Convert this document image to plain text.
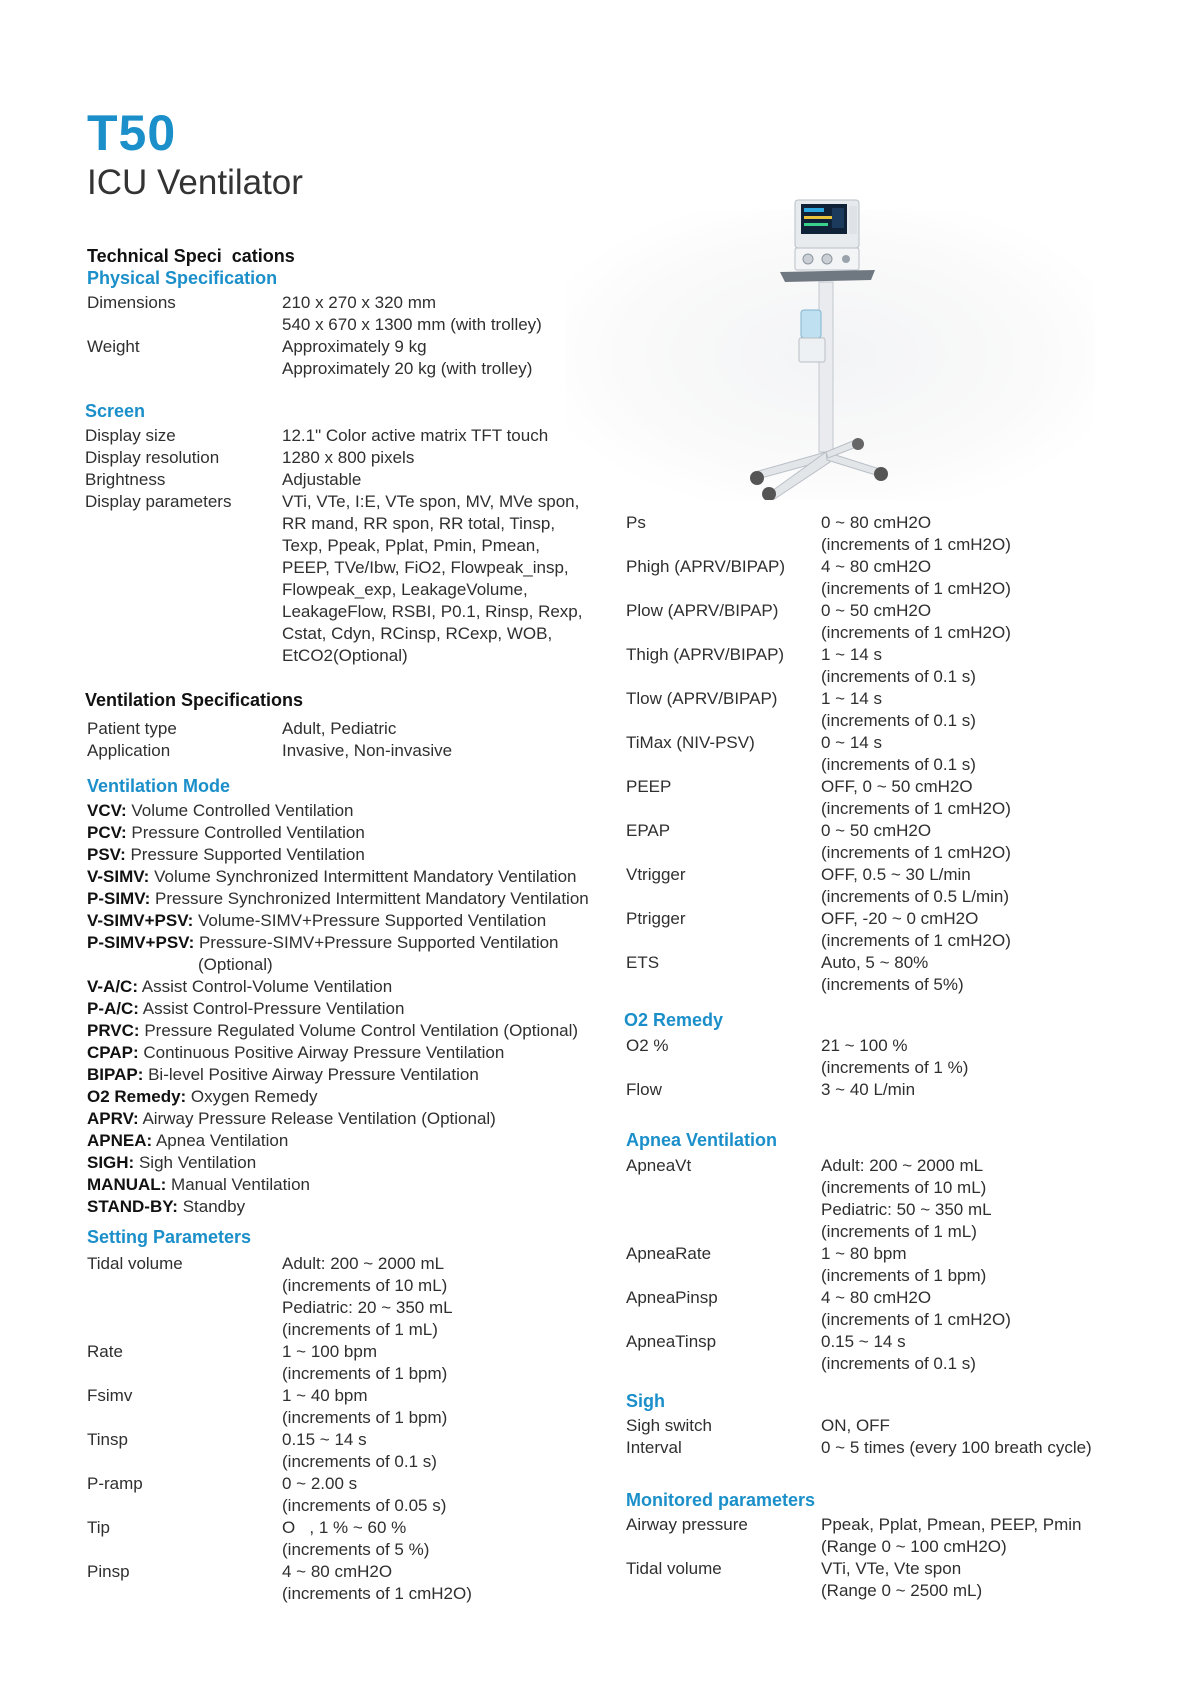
T50
ICU Ventilator
Technical Speci  cations
Physical Specification
Dimensions	210 x 270 x 320 mm
540 x 670 x 1300 mm (with trolley)
Weight	Approximately 9 kg
Approximately 20 kg (with trolley)
Screen
Display size	12.1" Color active matrix TFT touch
Display resolution	1280 x 800 pixels
Brightness	Adjustable
Display parameters	VTi, VTe, I:E, VTe spon, MV, MVe spon,
RR mand, RR spon, RR total, Tinsp,
Texp, Ppeak, Pplat, Pmin, Pmean,
PEEP, TVe/Ibw, FiO2, Flowpeak_insp,
Flowpeak_exp, LeakageVolume,
LeakageFlow, RSBI, P0.1, Rinsp, Rexp,
Cstat, Cdyn, RCinsp, RCexp, WOB,
EtCO2(Optional)
Ventilation Specifications
Patient type	Adult, Pediatric
Application	Invasive, Non-invasive
Ventilation Mode
VCV: Volume Controlled Ventilation
PCV: Pressure Controlled Ventilation
PSV: Pressure Supported Ventilation
V-SIMV: Volume Synchronized Intermittent Mandatory Ventilation
P-SIMV: Pressure Synchronized Intermittent Mandatory Ventilation
V-SIMV+PSV: Volume-SIMV+Pressure Supported Ventilation
P-SIMV+PSV: Pressure-SIMV+Pressure Supported Ventilation
(Optional)
V-A/C: Assist Control-Volume Ventilation
P-A/C: Assist Control-Pressure Ventilation
PRVC: Pressure Regulated Volume Control Ventilation (Optional)
CPAP: Continuous Positive Airway Pressure Ventilation
BIPAP: Bi-level Positive Airway Pressure Ventilation
O2 Remedy: Oxygen Remedy
APRV: Airway Pressure Release Ventilation (Optional)
APNEA: Apnea Ventilation
SIGH: Sigh Ventilation
MANUAL: Manual Ventilation
STAND-BY: Standby
Setting Parameters
Tidal volume	Adult: 200 ~ 2000 mL
(increments of 10 mL)
Pediatric: 20 ~ 350 mL
(increments of 1 mL)
Rate	1 ~ 100 bpm
(increments of 1 bpm)
Fsimv	1 ~ 40 bpm
(increments of 1 bpm)
Tinsp	0.15 ~ 14 s
(increments of 0.1 s)
P-ramp	0 ~ 2.00 s
(increments of 0.05 s)
Tip	O   , 1 % ~ 60 %
(increments of 5 %)
Pinsp	4 ~ 80 cmH2O
(increments of 1 cmH2O)
Ps	0 ~ 80 cmH2O
(increments of 1 cmH2O)
Phigh (APRV/BIPAP) 4 ~ 80 cmH2O
(increments of 1 cmH2O)
Plow (APRV/BIPAP)	0 ~ 50 cmH2O
(increments of 1 cmH2O)
Thigh (APRV/BIPAP) 1 ~ 14 s
(increments of 0.1 s)
Tlow (APRV/BIPAP)	1 ~ 14 s
(increments of 0.1 s)
TiMax (NIV-PSV)	0 ~ 14 s
(increments of 0.1 s)
PEEP	OFF, 0 ~ 50 cmH2O
(increments of 1 cmH2O)
EPAP	0 ~ 50 cmH2O
(increments of 1 cmH2O)
Vtrigger	OFF, 0.5 ~ 30 L/min
(increments of 0.5 L/min)
Ptrigger	OFF, -20 ~ 0 cmH2O
(increments of 1 cmH2O)
ETS	Auto, 5 ~ 80%
(increments of 5%)
O2 Remedy
O2 %	21 ~ 100 %
(increments of 1 %)
Flow	3 ~ 40 L/min
Apnea Ventilation
ApneaVt	Adult: 200 ~ 2000 mL
(increments of 10 mL)
Pediatric: 50 ~ 350 mL
(increments of 1 mL)
ApneaRate	1 ~ 80 bpm
(increments of 1 bpm)
ApneaPinsp	4 ~ 80 cmH2O
(increments of 1 cmH2O)
ApneaTinsp	0.15 ~ 14 s
(increments of 0.1 s)
Sigh
Sigh switch	ON, OFF
Interval	0 ~ 5 times (every 100 breath cycle)
Monitored parameters
Airway pressure	Ppeak, Pplat, Pmean, PEEP, Pmin
(Range 0 ~ 100 cmH2O)
Tidal volume	VTi, VTe, Vte spon
(Range 0 ~ 2500 mL)
